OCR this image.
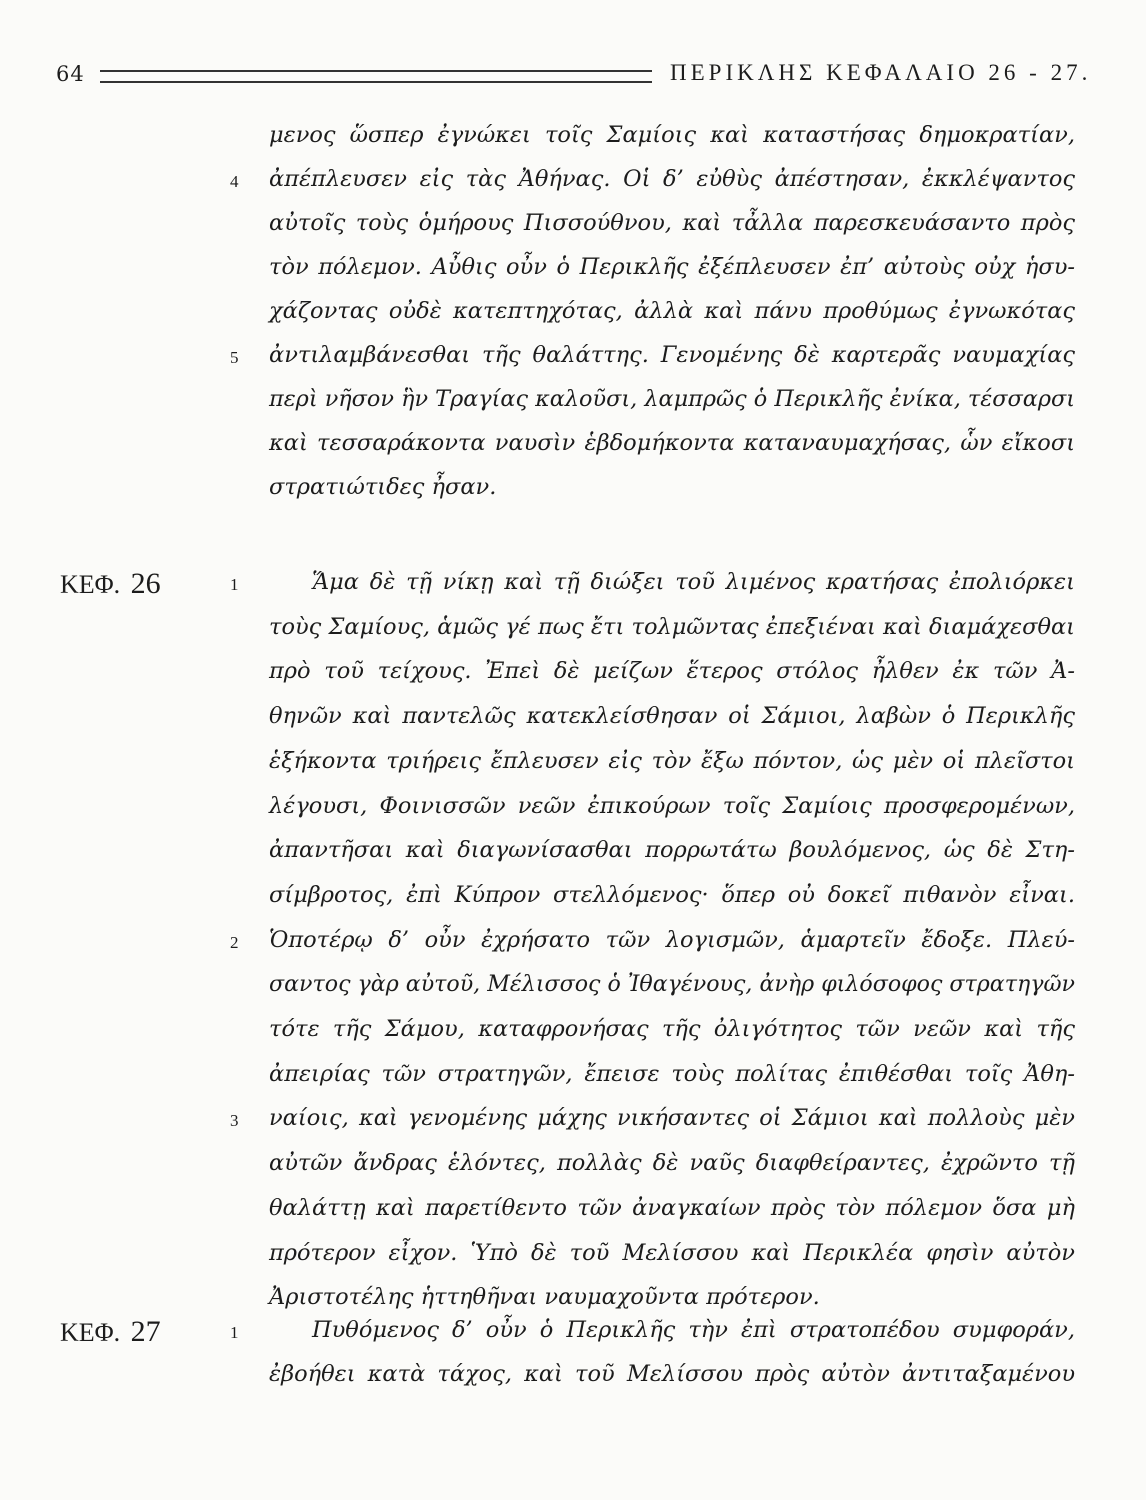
64	ΠΕΡΙΚΛΗΣ ΚΕΦΑΛΑΙΟ 26 - 27.
μενος ὥσπερ ἐγνώκει τοῖς Σαμίοις καὶ καταστήσας δημοκρατίαν,
4 ἀπέπλευσεν εἰς τὰς Ἀθήνας. Οἱ δ’ εὐθὺς ἀπέστησαν, ἐκκλέψαντος
αὐτοῖς τοὺς ὁμήρους Πισσούθνου, καὶ τἆλλα παρεσκευάσαντο πρὸς
τὸν πόλεμον. Αὖθις οὖν ὁ Περικλῆς ἐξέπλευσεν ἐπ’ αὐτοὺς οὐχ ἡσυ-
χάζοντας οὐδὲ κατεπτηχότας, ἀλλὰ καὶ πάνυ προθύμως ἐγνωκότας
5 ἀντιλαμβάνεσθαι τῆς θαλάττης. Γενομένης δὲ καρτερᾶς ναυμαχίας
περὶ νῆσον ἣν Τραγίας καλοῦσι, λαμπρῶς ὁ Περικλῆς ἐνίκα, τέσσαρσι
καὶ τεσσαράκοντα ναυσὶν ἑβδομήκοντα καταναυμαχήσας, ὧν εἴκοσι
στρατιώτιδες ἦσαν.
ΚΕΦ. 26	1	Ἅμα δὲ τῇ νίκῃ καὶ τῇ διώξει τοῦ λιμένος κρατήσας ἐπολιόρκει
τοὺς Σαμίους, ἁμῶς γέ πως ἔτι τολμῶντας ἐπεξιέναι καὶ διαμάχεσθαι
πρὸ τοῦ τείχους. Ἐπεὶ δὲ μείζων ἕτερος στόλος ἦλθεν ἐκ τῶν Ἀ-
θηνῶν καὶ παντελῶς κατεκλείσθησαν οἱ Σάμιοι, λαβὼν ὁ Περικλῆς
ἑξήκοντα τριήρεις ἔπλευσεν εἰς τὸν ἔξω πόντον, ὡς μὲν οἱ πλεῖστοι
λέγουσι, Φοινισσῶν νεῶν ἐπικούρων τοῖς Σαμίοις προσφερομένων,
ἀπαντῆσαι καὶ διαγωνίσασθαι πορρωτάτω βουλόμενος, ὡς δὲ Στη-
σίμβροτος, ἐπὶ Κύπρον στελλόμενος· ὅπερ οὐ δοκεῖ πιθανὸν εἶναι.
2 Ὁποτέρῳ δ’ οὖν ἐχρήσατο τῶν λογισμῶν, ἁμαρτεῖν ἔδοξε. Πλεύ-
σαντος γὰρ αὐτοῦ, Μέλισσος ὁ Ἰθαγένους, ἀνὴρ φιλόσοφος στρατηγῶν
τότε τῆς Σάμου, καταφρονήσας τῆς ὀλιγότητος τῶν νεῶν καὶ τῆς
ἀπειρίας τῶν στρατηγῶν, ἔπεισε τοὺς πολίτας ἐπιθέσθαι τοῖς Ἀθη-
3 ναίοις, καὶ γενομένης μάχης νικήσαντες οἱ Σάμιοι καὶ πολλοὺς μὲν
αὐτῶν ἄνδρας ἑλόντες, πολλὰς δὲ ναῦς διαφθείραντες, ἐχρῶντο τῇ
θαλάττῃ καὶ παρετίθεντο τῶν ἀναγκαίων πρὸς τὸν πόλεμον ὅσα μὴ
πρότερον εἶχον. Ὑπὸ δὲ τοῦ Μελίσσου καὶ Περικλέα φησὶν αὐτὸν
Ἀριστοτέλης ἡττηθῆναι ναυμαχοῦντα πρότερον.
ΚΕΦ. 27	1	Πυθόμενος δ’ οὖν ὁ Περικλῆς τὴν ἐπὶ στρατοπέδου συμφοράν,
ἐβοήθει κατὰ τάχος, καὶ τοῦ Μελίσσου πρὸς αὐτὸν ἀντιταξαμένου
